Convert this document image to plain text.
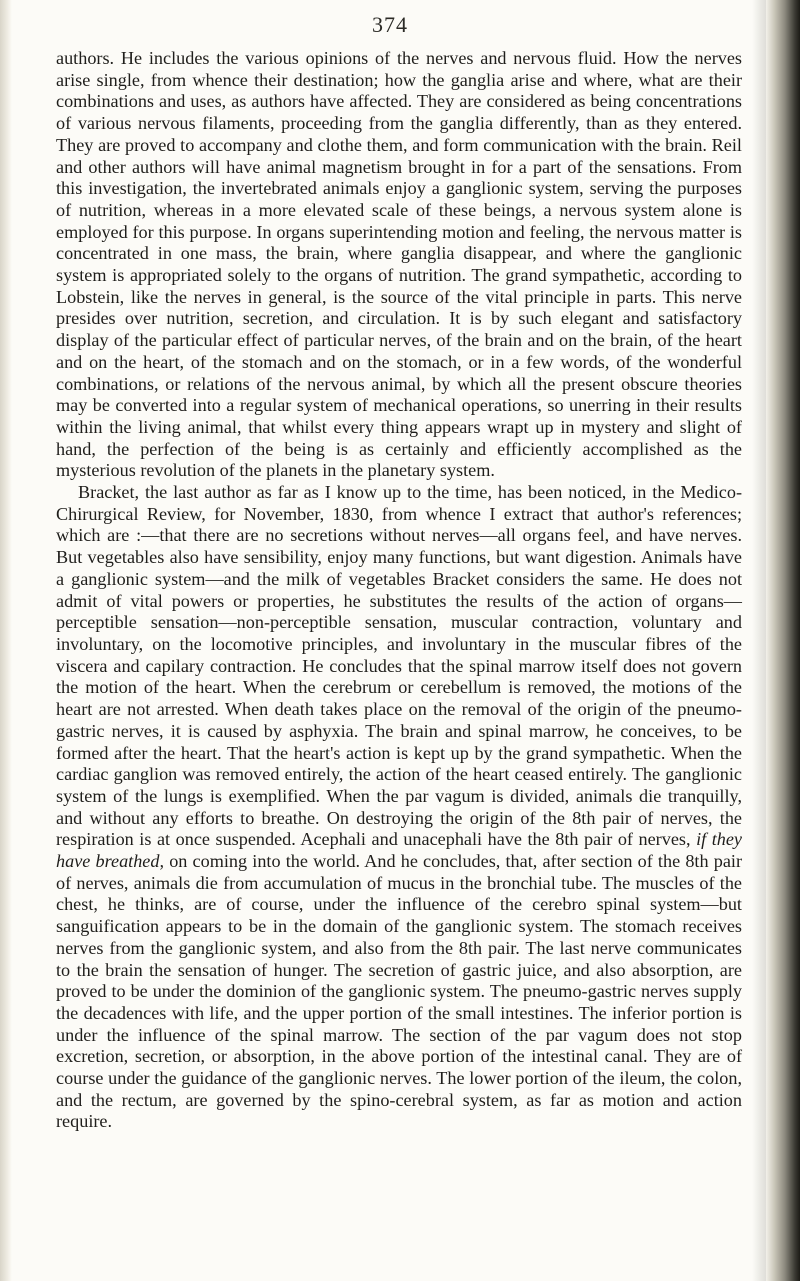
374

authors. He includes the various opinions of the nerves and nervous fluid. How the nerves arise single, from whence their destination; how the ganglia arise and where, what are their combinations and uses, as authors have affected. They are considered as being concentrations of various nervous filaments, proceeding from the ganglia differently, than as they entered. They are proved to accompany and clothe them, and form communication with the brain. Reil and other authors will have animal magnetism brought in for a part of the sensations. From this investigation, the invertebrated animals enjoy a ganglionic system, serving the purposes of nutrition, whereas in a more elevated scale of these beings, a nervous system alone is employed for this purpose. In organs superintending motion and feeling, the nervous matter is concentrated in one mass, the brain, where ganglia disappear, and where the ganglionic system is appropriated solely to the organs of nutrition. The grand sympathetic, according to Lobstein, like the nerves in general, is the source of the vital principle in parts. This nerve presides over nutrition, secretion, and circulation. It is by such elegant and satisfactory display of the particular effect of particular nerves, of the brain and on the brain, of the heart and on the heart, of the stomach and on the stomach, or in a few words, of the wonderful combinations, or relations of the nervous animal, by which all the present obscure theories may be converted into a regular system of mechanical operations, so unerring in their results within the living animal, that whilst every thing appears wrapt up in mystery and slight of hand, the perfection of the being is as certainly and efficiently accomplished as the mysterious revolution of the planets in the planetary system.

Bracket, the last author as far as I know up to the time, has been noticed, in the Medico-Chirurgical Review, for November, 1830, from whence I extract that author's references; which are :—that there are no secretions without nerves—all organs feel, and have nerves. But vegetables also have sensibility, enjoy many functions, but want digestion. Animals have a ganglionic system—and the milk of vegetables Bracket considers the same. He does not admit of vital powers or properties, he substitutes the results of the action of organs—perceptible sensation—non-perceptible sensation, muscular contraction, voluntary and involuntary, on the locomotive principles, and involuntary in the muscular fibres of the viscera and capilary contraction. He concludes that the spinal marrow itself does not govern the motion of the heart. When the cerebrum or cerebellum is removed, the motions of the heart are not arrested. When death takes place on the removal of the origin of the pneumo-gastric nerves, it is caused by asphyxia. The brain and spinal marrow, he conceives, to be formed after the heart. That the heart's action is kept up by the grand sympathetic. When the cardiac ganglion was removed entirely, the action of the heart ceased entirely. The ganglionic system of the lungs is exemplified. When the par vagum is divided, animals die tranquilly, and without any efforts to breathe. On destroying the origin of the 8th pair of nerves, the respiration is at once suspended. Acephali and unacephali have the 8th pair of nerves, if they have breathed, on coming into the world. And he concludes, that, after section of the 8th pair of nerves, animals die from accumulation of mucus in the bronchial tube. The muscles of the chest, he thinks, are of course, under the influence of the cerebro spinal system—but sanguification appears to be in the domain of the ganglionic system. The stomach receives nerves from the ganglionic system, and also from the 8th pair. The last nerve communicates to the brain the sensation of hunger. The secretion of gastric juice, and also absorption, are proved to be under the dominion of the ganglionic system. The pneumo-gastric nerves supply the decadences with life, and the upper portion of the small intestines. The inferior portion is under the influence of the spinal marrow. The section of the par vagum does not stop excretion, secretion, or absorption, in the above portion of the intestinal canal. They are of course under the guidance of the ganglionic nerves. The lower portion of the ileum, the colon, and the rectum, are governed by the spino-cerebral system, as far as motion and action require.
